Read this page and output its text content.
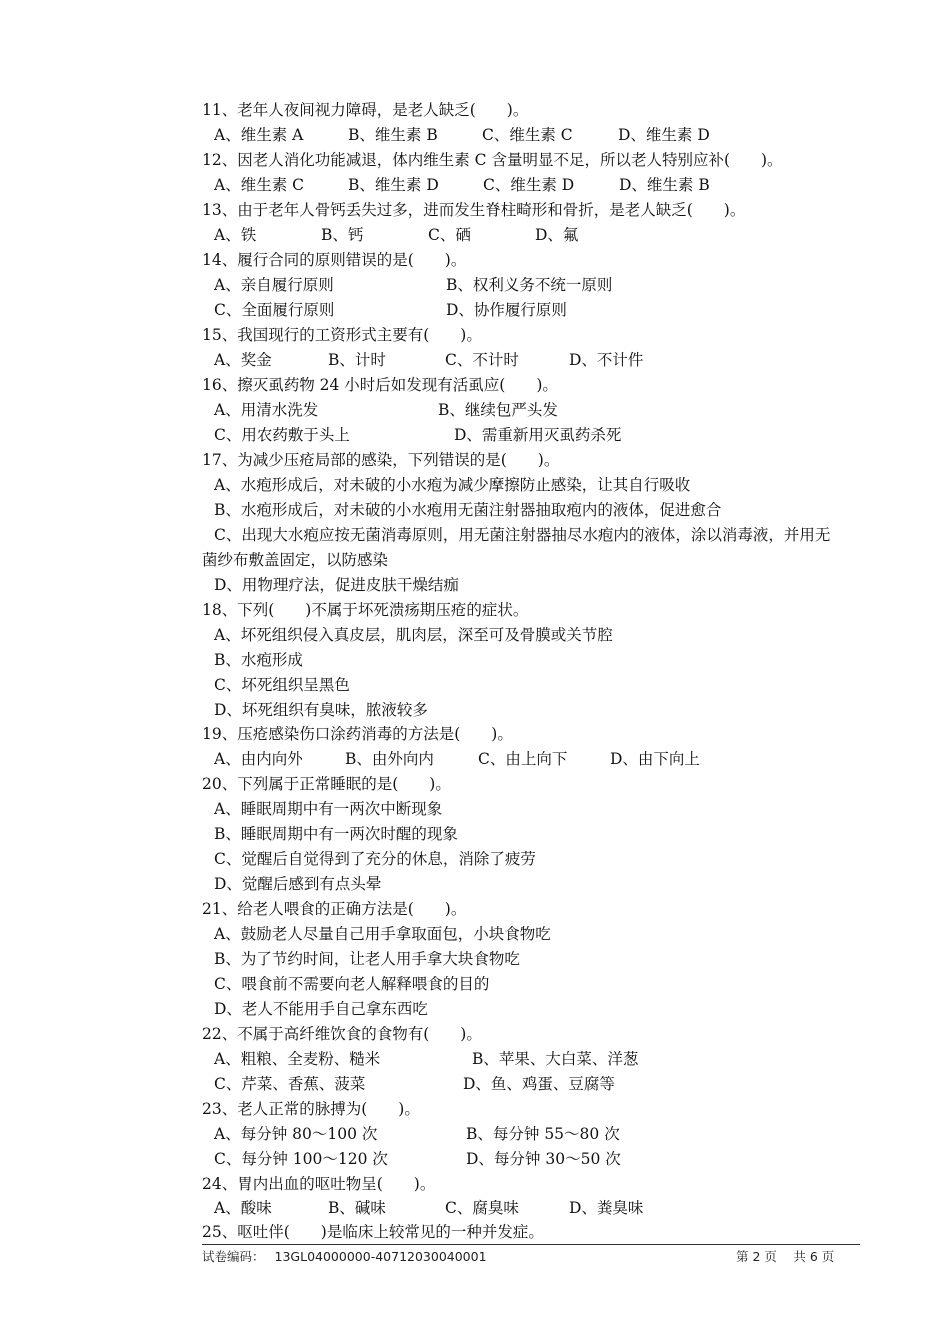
11、老年人夜间视力障碍，是老人缺乏(　　)。
A、维生素 A	B、维生素 B	C、维生素 C	D、维生素 D
12、因老人消化功能减退，体内维生素 C 含量明显不足，所以老人特别应补(　　)。
A、维生素 C	B、维生素 D	C、维生素 D	D、维生素 B
13、由于老年人骨钙丢失过多，进而发生脊柱畸形和骨折，是老人缺乏(　　)。
A、铁	B、钙	C、硒	D、氟
14、履行合同的原则错误的是(　　)。
A、亲自履行原则	B、权利义务不统一原则
C、全面履行原则	D、协作履行原则
15、我国现行的工资形式主要有(　　)。
A、奖金	B、计时	C、不计时	D、不计件
16、擦灭虱药物 24 小时后如发现有活虱应(　　)。
A、用清水洗发	B、继续包严头发
C、用农药敷于头上	D、需重新用灭虱药杀死
17、为减少压疮局部的感染，下列错误的是(　　)。
A、水疱形成后，对未破的小水疱为减少摩擦防止感染，让其自行吸收
B、水疱形成后，对未破的小水疱用无菌注射器抽取疱内的液体，促进愈合
C、出现大水疱应按无菌消毒原则，用无菌注射器抽尽水疱内的液体，涂以消毒液，并用无
菌纱布敷盖固定，以防感染
D、用物理疗法，促进皮肤干燥结痂
18、下列(　　)不属于坏死溃疡期压疮的症状。
A、坏死组织侵入真皮层，肌肉层，深至可及骨膜或关节腔
B、水疱形成
C、坏死组织呈黑色
D、坏死组织有臭味，脓液较多
19、压疮感染伤口涂药消毒的方法是(　　)。
A、由内向外	B、由外向内	C、由上向下	D、由下向上
20、下列属于正常睡眠的是(　　)。
A、睡眠周期中有一两次中断现象
B、睡眠周期中有一两次时醒的现象
C、觉醒后自觉得到了充分的休息，消除了疲劳
D、觉醒后感到有点头晕
21、给老人喂食的正确方法是(　　)。
A、鼓励老人尽量自己用手拿取面包，小块食物吃
B、为了节约时间，让老人用手拿大块食物吃
C、喂食前不需要向老人解释喂食的目的
D、老人不能用手自己拿东西吃
22、不属于高纤维饮食的食物有(　　)。
A、粗粮、全麦粉、糙米	B、苹果、大白菜、洋葱
C、芹菜、香蕉、菠菜	D、鱼、鸡蛋、豆腐等
23、老人正常的脉搏为(　　)。
A、每分钟 80～100 次	B、每分钟 55～80 次
C、每分钟 100～120 次	D、每分钟 30～50 次
24、胃内出血的呕吐物呈(　　)。
A、酸味	B、碱味	C、腐臭味	D、粪臭味
25、呕吐伴(　　)是临床上较常见的一种并发症。
试卷编码： 13GL04000000-40712030040001	第 2 页　 共 6 页
